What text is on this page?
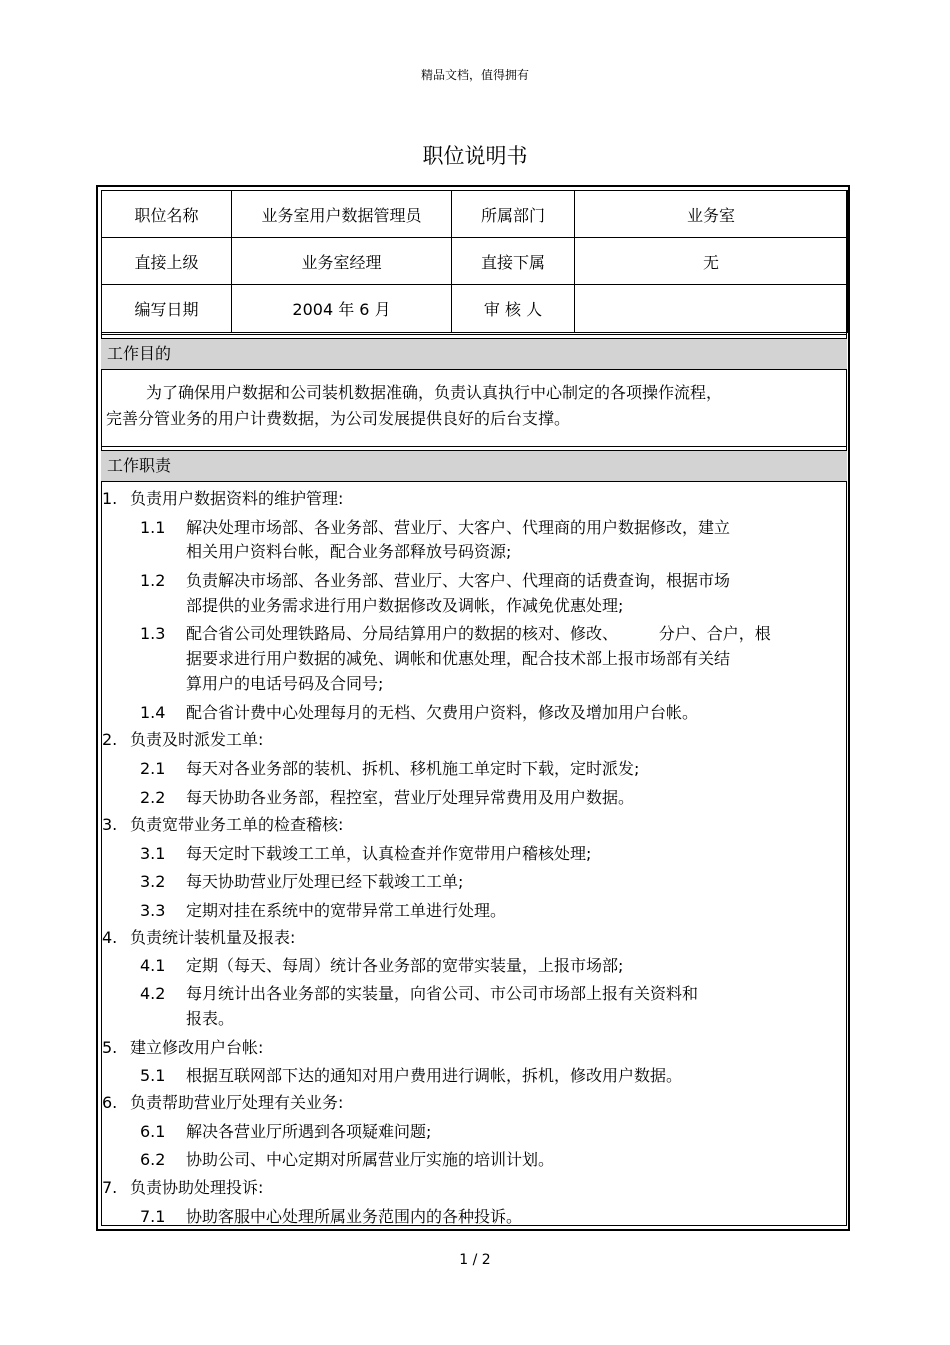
精品文档，值得拥有
职位说明书
职位名称	业务室用户数据管理员	所属部门	业务室
直接上级	业务室经理	直接下属	无
编写日期	2004 年 6 月	审 核 人	
工作目的

为了确保用户数据和公司装机数据准确，负责认真执行中心制定的各项操作流程，

完善分管业务的用户计费数据，为公司发展提供良好的后台支撑。

工作职责
1. 负责用户数据资料的维护管理:
1.1 解决处理市场部、各业务部、营业厅、大客户、代理商的用户数据修改，建立
相关用户资料台帐，配合业务部释放号码资源;
1.2 负责解决市场部、各业务部、营业厅、大客户、代理商的话费查询，根据市场
部提供的业务需求进行用户数据修改及调帐，作减免优惠处理;
1.3 配合省公司处理铁路局、分局结算用户的数据的核对、修改、        分户、合户，根
据要求进行用户数据的减免、调帐和优惠处理，配合技术部上报市场部有关结
算用户的电话号码及合同号;
1.4 配合省计费中心处理每月的无档、欠费用户资料，修改及增加用户台帐。
2. 负责及时派发工单:
2.1 每天对各业务部的装机、拆机、移机施工单定时下载，定时派发;
2.2 每天协助各业务部，程控室，营业厅处理异常费用及用户数据。
3. 负责宽带业务工单的检查稽核:
3.1 每天定时下载竣工工单，认真检查并作宽带用户稽核处理;
3.2 每天协助营业厅处理已经下载竣工工单;
3.3 定期对挂在系统中的宽带异常工单进行处理。
4. 负责统计装机量及报表:
4.1 定期（每天、每周）统计各业务部的宽带实装量，上报市场部;
4.2 每月统计出各业务部的实装量，向省公司、市公司市场部上报有关资料和
报表。
5. 建立修改用户台帐:
5.1 根据互联网部下达的通知对用户费用进行调帐，拆机，修改用户数据。
6. 负责帮助营业厅处理有关业务:
6.1 解决各营业厅所遇到各项疑难问题;
6.2 协助公司、中心定期对所属营业厅实施的培训计划。
7. 负责协助处理投诉:
7.1 协助客服中心处理所属业务范围内的各种投诉。
1 / 2
